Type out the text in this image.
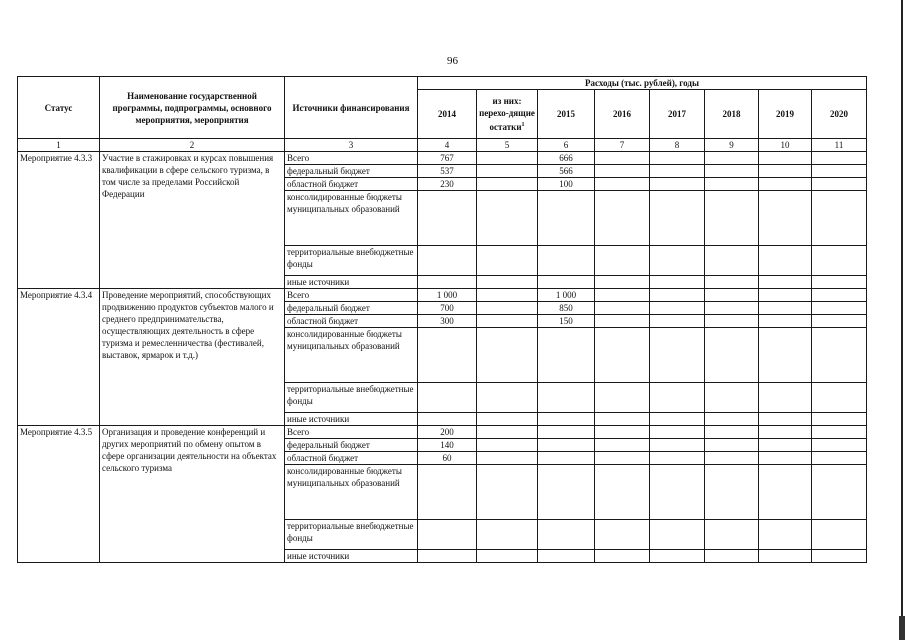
96
Статус	Наименование государственной программы, подпрограммы, основного мероприятия, мероприятия	Источники финансирования	Расходы (тыс. рублей), годы							
			2014	из них: перехо-дящие остатки$^1$	2015	2016	2017	2018	2019	2020
1	2	3	4	5	6	7	8	9	10	11
Мероприятие 4.3.3	Участие в стажировках и курсах повышения квалификации в сфере сельского туризма, в том числе за пределами Российской Федерации	Всего	767		666					
		федеральный бюджет	537		566					
		областной бюджет	230		100					
		консолидированные бюджеты муниципальных образований								
		территориальные внебюджетные фонды								
		иные источники								
Мероприятие 4.3.4	Проведение мероприятий, способствующих продвижению продуктов субъектов малого и среднего предпринимательства, осуществляющих деятельность в сфере туризма и ремесленничества (фестивалей, выставок, ярмарок и т.д.)	Всего	1 000		1 000					
		федеральный бюджет	700		850					
		областной бюджет	300		150					
		консолидированные бюджеты муниципальных образований								
		территориальные внебюджетные фонды								
		иные источники								
Мероприятие 4.3.5	Организация и проведение конференций и других мероприятий по обмену опытом в сфере организации деятельности на объектах сельского туризма	Всего	200							
		федеральный бюджет	140							
		областной бюджет	60							
		консолидированные бюджеты муниципальных образований								
		территориальные внебюджетные фонды								
		иные источники								
